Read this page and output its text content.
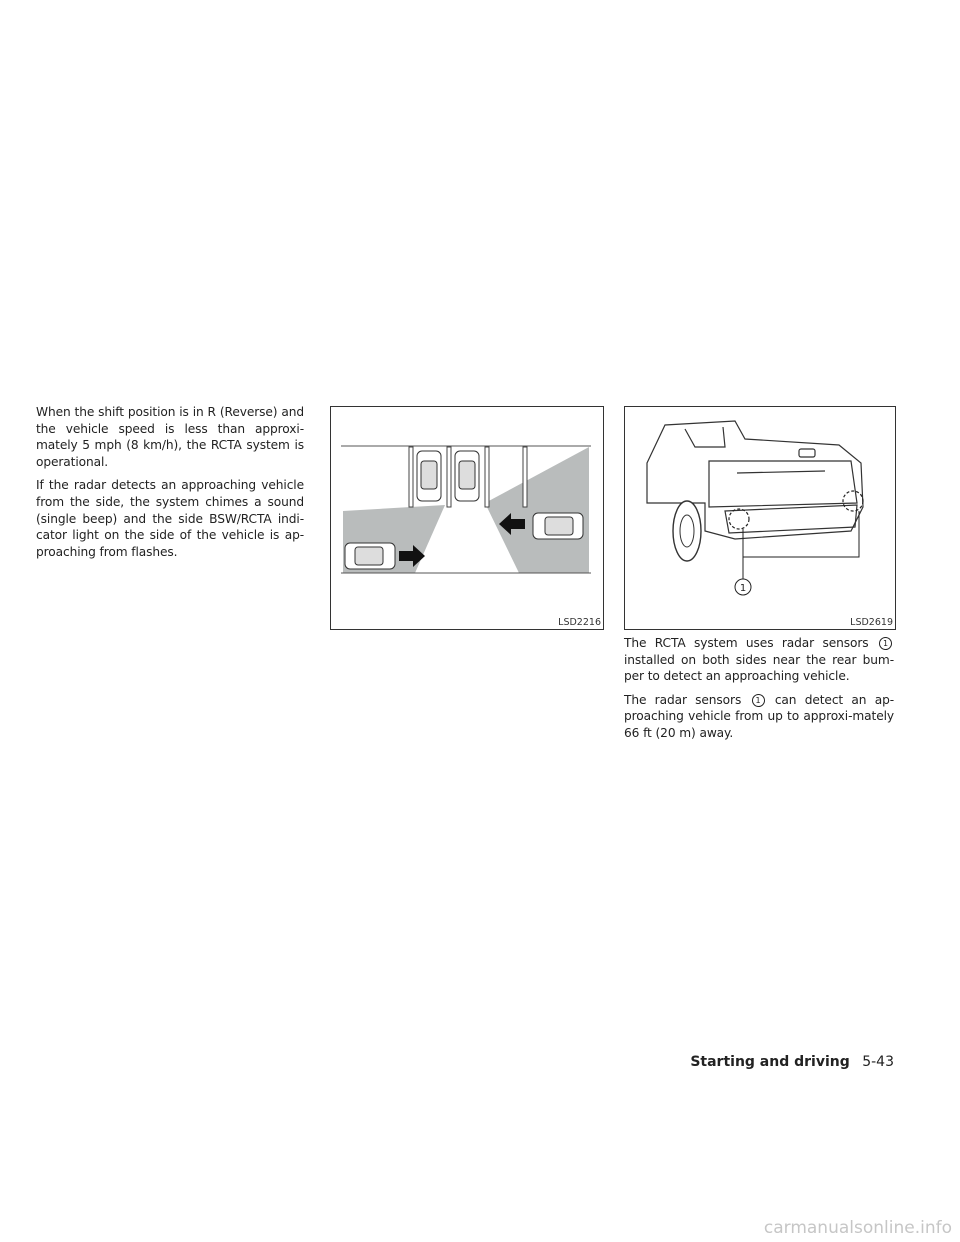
When the shift position is in R (Reverse) and the vehicle speed is less than approxi-mately 5 mph (8 km/h), the RCTA system is operational.

If the radar detects an approaching vehicle from the side, the system chimes a sound (single beep) and the side BSW/RCTA indi-cator light on the side of the vehicle is ap-proaching from flashes.

LSD2216
1
LSD2619

The RCTA system uses radar sensors 1 installed on both sides near the rear bum-per to detect an approaching vehicle.

The radar sensors 1 can detect an ap-proaching vehicle from up to approxi-mately 66 ft (20 m) away.

Starting and driving 5-43
carmanualsonline.info
